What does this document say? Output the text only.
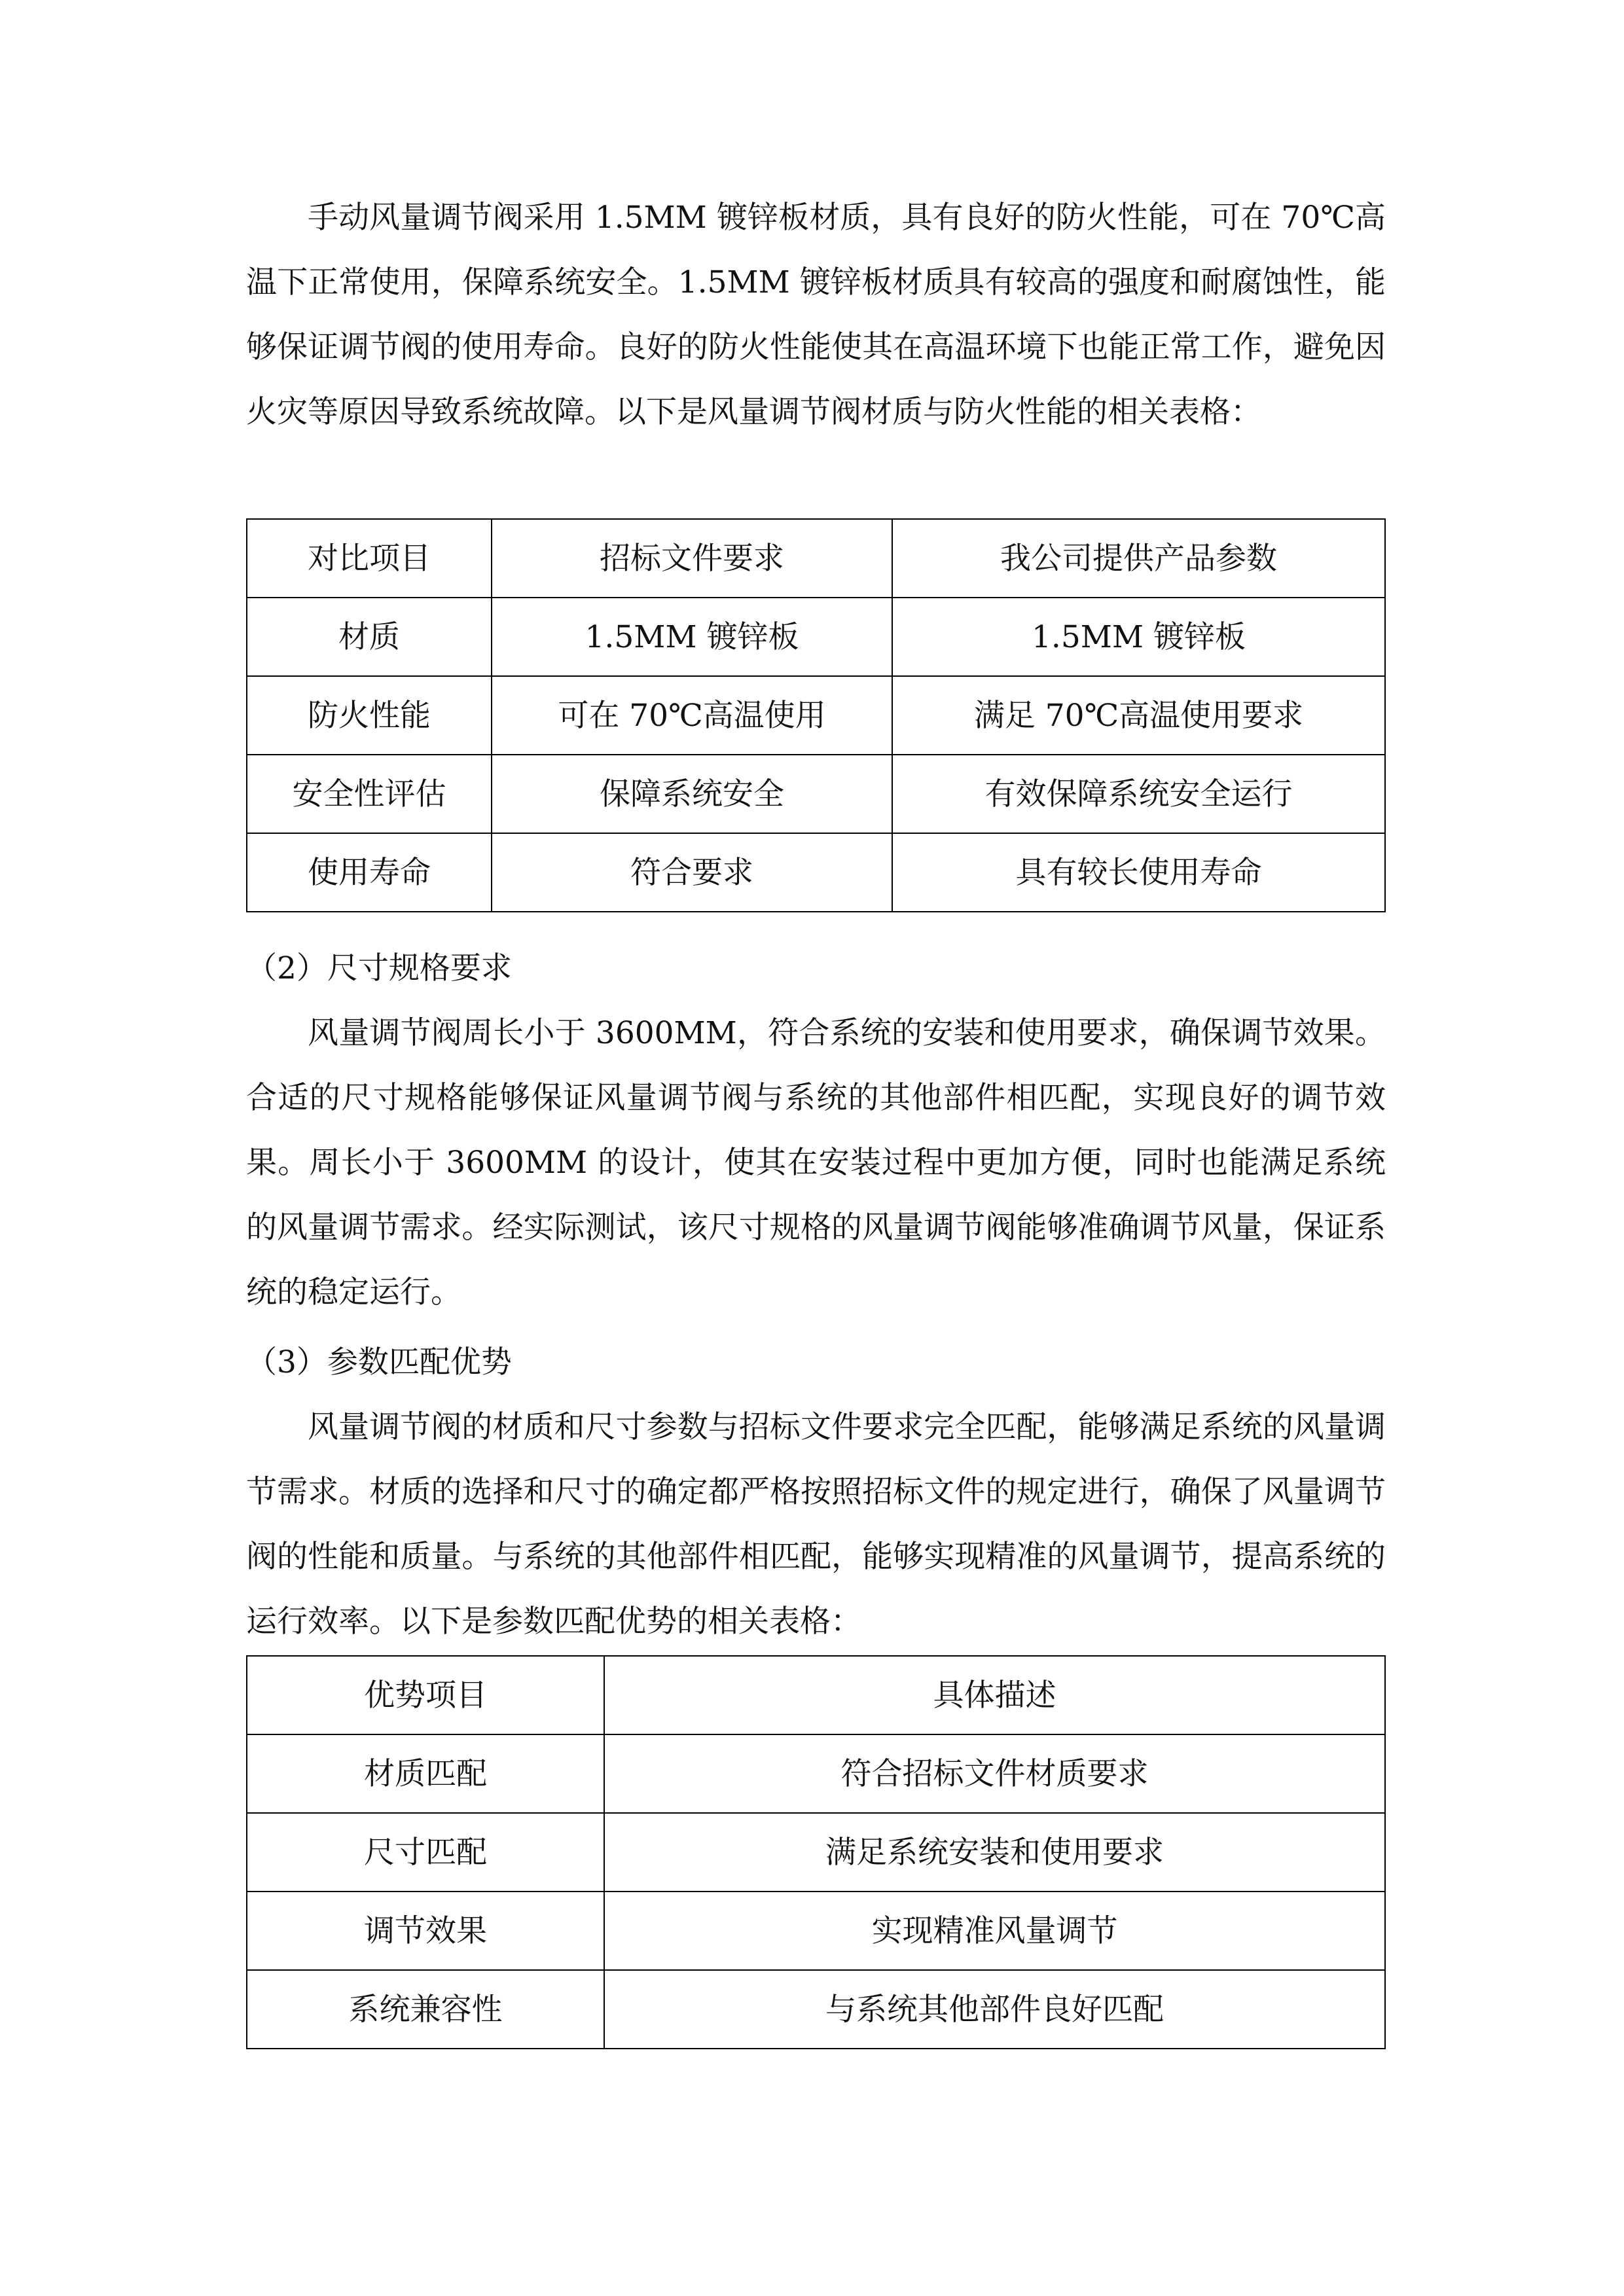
手动风量调节阀采用 1.5MM 镀锌板材质，具有良好的防火性能，可在 70℃高温下正常使用，保障系统安全。1.5MM 镀锌板材质具有较高的强度和耐腐蚀性，能够保证调节阀的使用寿命。良好的防火性能使其在高温环境下也能正常工作，避免因火灾等原因导致系统故障。以下是风量调节阀材质与防火性能的相关表格：

对比项目	招标文件要求	我公司提供产品参数
材质	1.5MM 镀锌板	1.5MM 镀锌板
防火性能	可在 70℃高温使用	满足 70℃高温使用要求
安全性评估	保障系统安全	有效保障系统安全运行
使用寿命	符合要求	具有较长使用寿命

（2）尺寸规格要求

风量调节阀周长小于 3600MM，符合系统的安装和使用要求，确保调节效果。合适的尺寸规格能够保证风量调节阀与系统的其他部件相匹配，实现良好的调节效果。周长小于 3600MM 的设计，使其在安装过程中更加方便，同时也能满足系统的风量调节需求。经实际测试，该尺寸规格的风量调节阀能够准确调节风量，保证系统的稳定运行。

（3）参数匹配优势

风量调节阀的材质和尺寸参数与招标文件要求完全匹配，能够满足系统的风量调节需求。材质的选择和尺寸的确定都严格按照招标文件的规定进行，确保了风量调节阀的性能和质量。与系统的其他部件相匹配，能够实现精准的风量调节，提高系统的运行效率。以下是参数匹配优势的相关表格：

优势项目	具体描述
材质匹配	符合招标文件材质要求
尺寸匹配	满足系统安装和使用要求
调节效果	实现精准风量调节
系统兼容性	与系统其他部件良好匹配
